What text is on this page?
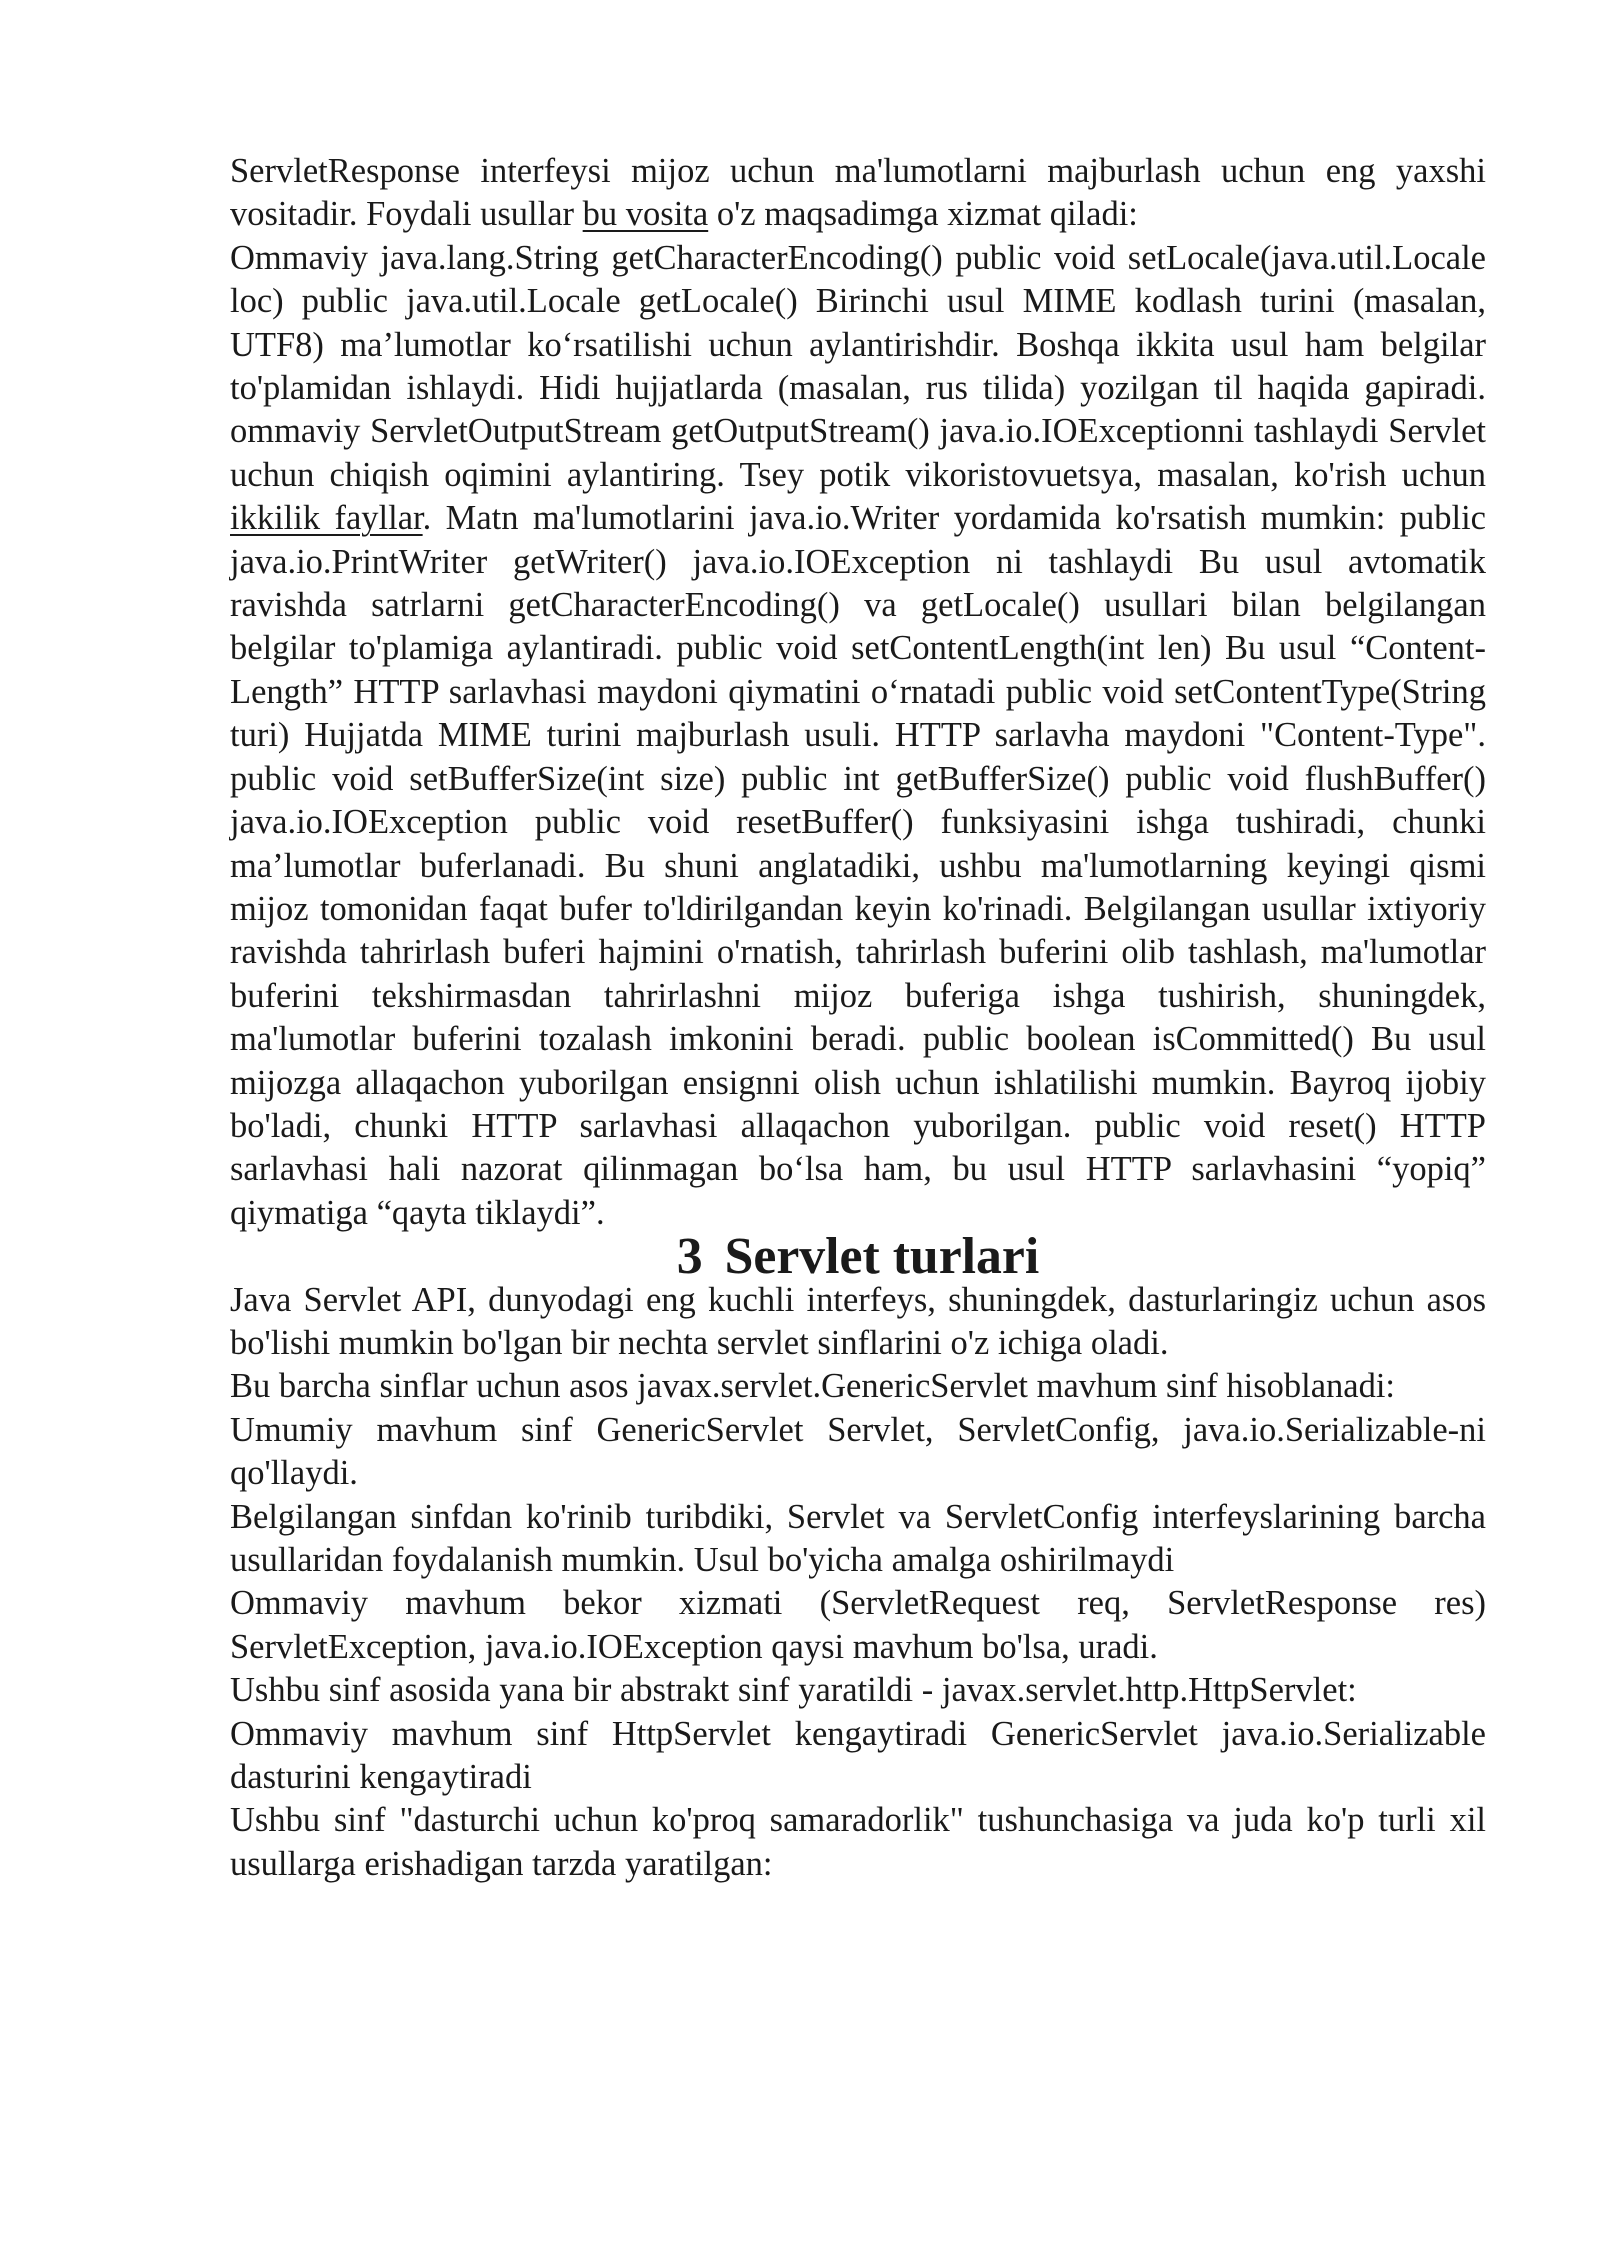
ServletResponse interfeysi mijoz uchun ma'lumotlarni majburlash uchun eng yaxshi vositadir. Foydali usullar bu vosita o'z maqsadimga xizmat qiladi:

Ommaviy java.lang.String getCharacterEncoding() public void setLocale(java.util.Locale loc) public java.util.Locale getLocale() Birinchi usul MIME kodlash turini (masalan, UTF8) ma’lumotlar ko‘rsatilishi uchun aylantirishdir. Boshqa ikkita usul ham belgilar to'plamidan ishlaydi. Hidi hujjatlarda (masalan, rus tilida) yozilgan til haqida gapiradi. ommaviy ServletOutputStream getOutputStream() java.io.IOExceptionni tashlaydi Servlet uchun chiqish oqimini aylantiring. Tsey potik vikoristovuetsya, masalan, ko'rish uchun ikkilik fayllar. Matn ma'lumotlarini java.io.Writer yordamida ko'rsatish mumkin: public java.io.PrintWriter getWriter() java.io.IOException ni tashlaydi Bu usul avtomatik ravishda satrlarni getCharacterEncoding() va getLocale() usullari bilan belgilangan belgilar to'plamiga aylantiradi. public void setContentLength(int len) Bu usul “Content-Length” HTTP sarlavhasi maydoni qiymatini o‘rnatadi public void setContentType(String turi) Hujjatda MIME turini majburlash usuli. HTTP sarlavha maydoni "Content-Type". public void setBufferSize(int size) public int getBufferSize() public void flushBuffer() java.io.IOException public void resetBuffer() funksiyasini ishga tushiradi, chunki ma’lumotlar buferlanadi. Bu shuni anglatadiki, ushbu ma'lumotlarning keyingi qismi mijoz tomonidan faqat bufer to'ldirilgandan keyin ko'rinadi. Belgilangan usullar ixtiyoriy ravishda tahrirlash buferi hajmini o'rnatish, tahrirlash buferini olib tashlash, ma'lumotlar buferini tekshirmasdan tahrirlashni mijoz buferiga ishga tushirish, shuningdek, ma'lumotlar buferini tozalash imkonini beradi. public boolean isCommitted() Bu usul mijozga allaqachon yuborilgan ensignni olish uchun ishlatilishi mumkin. Bayroq ijobiy bo'ladi, chunki HTTP sarlavhasi allaqachon yuborilgan. public void reset() HTTP sarlavhasi hali nazorat qilinmagan bo‘lsa ham, bu usul HTTP sarlavhasini “yopiq” qiymatiga “qayta tiklaydi”.

3 Servlet turlari

Java Servlet API, dunyodagi eng kuchli interfeys, shuningdek, dasturlaringiz uchun asos bo'lishi mumkin bo'lgan bir nechta servlet sinflarini o'z ichiga oladi.

Bu barcha sinflar uchun asos javax.servlet.GenericServlet mavhum sinf hisoblanadi:

Umumiy mavhum sinf GenericServlet Servlet, ServletConfig, java.io.Serializable-ni qo'llaydi.

Belgilangan sinfdan ko'rinib turibdiki, Servlet va ServletConfig interfeyslarining barcha usullaridan foydalanish mumkin. Usul bo'yicha amalga oshirilmaydi

Ommaviy mavhum bekor xizmati (ServletRequest req, ServletResponse res) ServletException, java.io.IOException qaysi mavhum bo'lsa, uradi.

Ushbu sinf asosida yana bir abstrakt sinf yaratildi - javax.servlet.http.HttpServlet:

Ommaviy mavhum sinf HttpServlet kengaytiradi GenericServlet java.io.Serializable dasturini kengaytiradi

Ushbu sinf "dasturchi uchun ko'proq samaradorlik" tushunchasiga va juda ko'p turli xil usullarga erishadigan tarzda yaratilgan:
